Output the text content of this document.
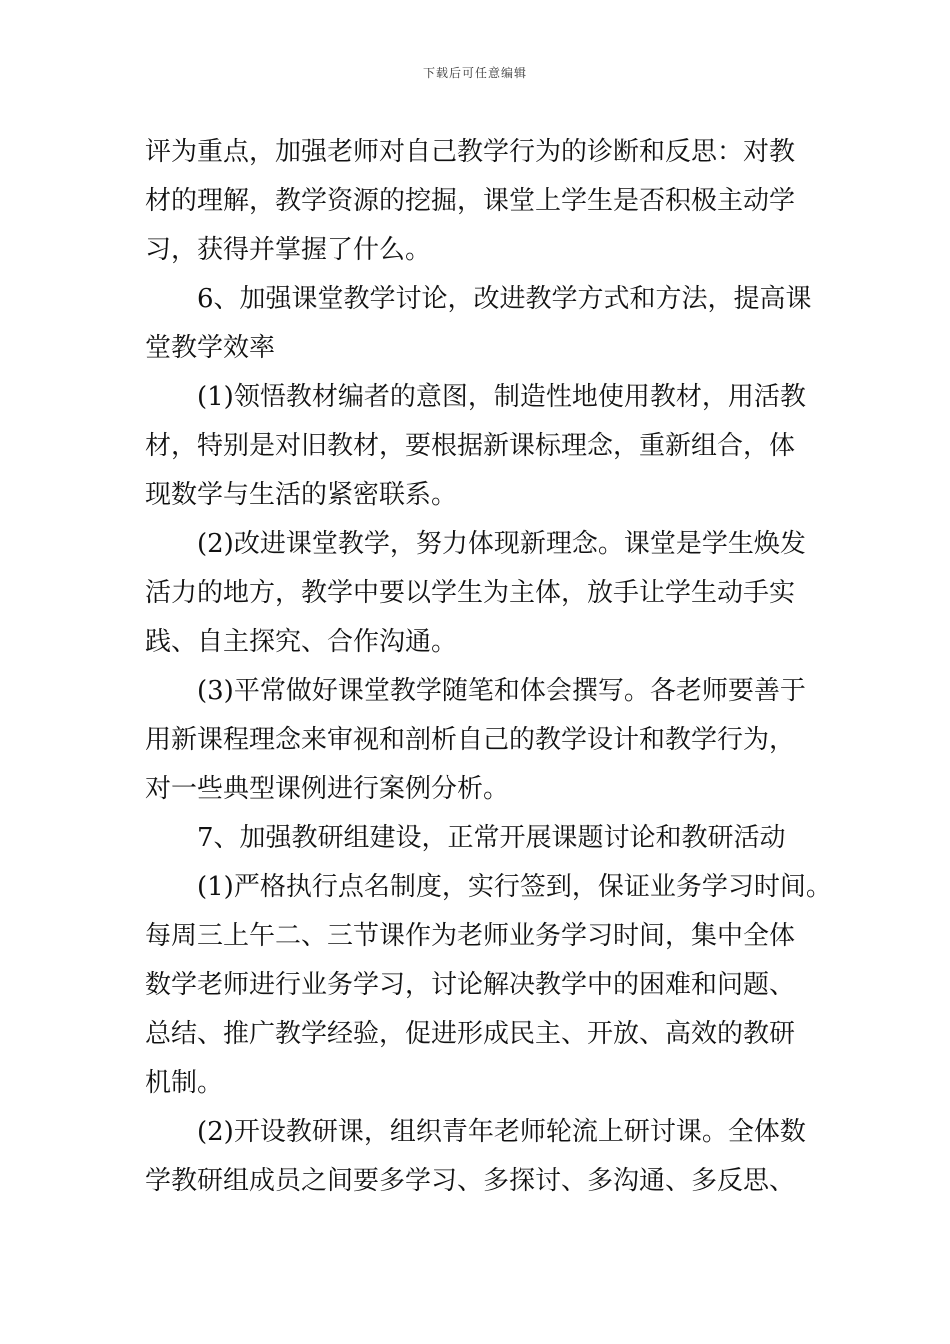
下载后可任意编辑
评为重点，加强老师对自己教学行为的诊断和反思：对教
材的理解，教学资源的挖掘，课堂上学生是否积极主动学
习，获得并掌握了什么。
　　6、加强课堂教学讨论，改进教学方式和方法，提高课
堂教学效率
　　(1)领悟教材编者的意图，制造性地使用教材，用活教
材，特别是对旧教材，要根据新课标理念，重新组合，体
现数学与生活的紧密联系。
　　(2)改进课堂教学，努力体现新理念。课堂是学生焕发
活力的地方，教学中要以学生为主体，放手让学生动手实
践、自主探究、合作沟通。
　　(3)平常做好课堂教学随笔和体会撰写。各老师要善于
用新课程理念来审视和剖析自己的教学设计和教学行为，
对一些典型课例进行案例分析。
　　7、加强教研组建设，正常开展课题讨论和教研活动
　　(1)严格执行点名制度，实行签到，保证业务学习时间。
每周三上午二、三节课作为老师业务学习时间，集中全体
数学老师进行业务学习，讨论解决教学中的困难和问题、
总结、推广教学经验，促进形成民主、开放、高效的教研
机制。
　　(2)开设教研课，组织青年老师轮流上研讨课。全体数
学教研组成员之间要多学习、多探讨、多沟通、多反思、
